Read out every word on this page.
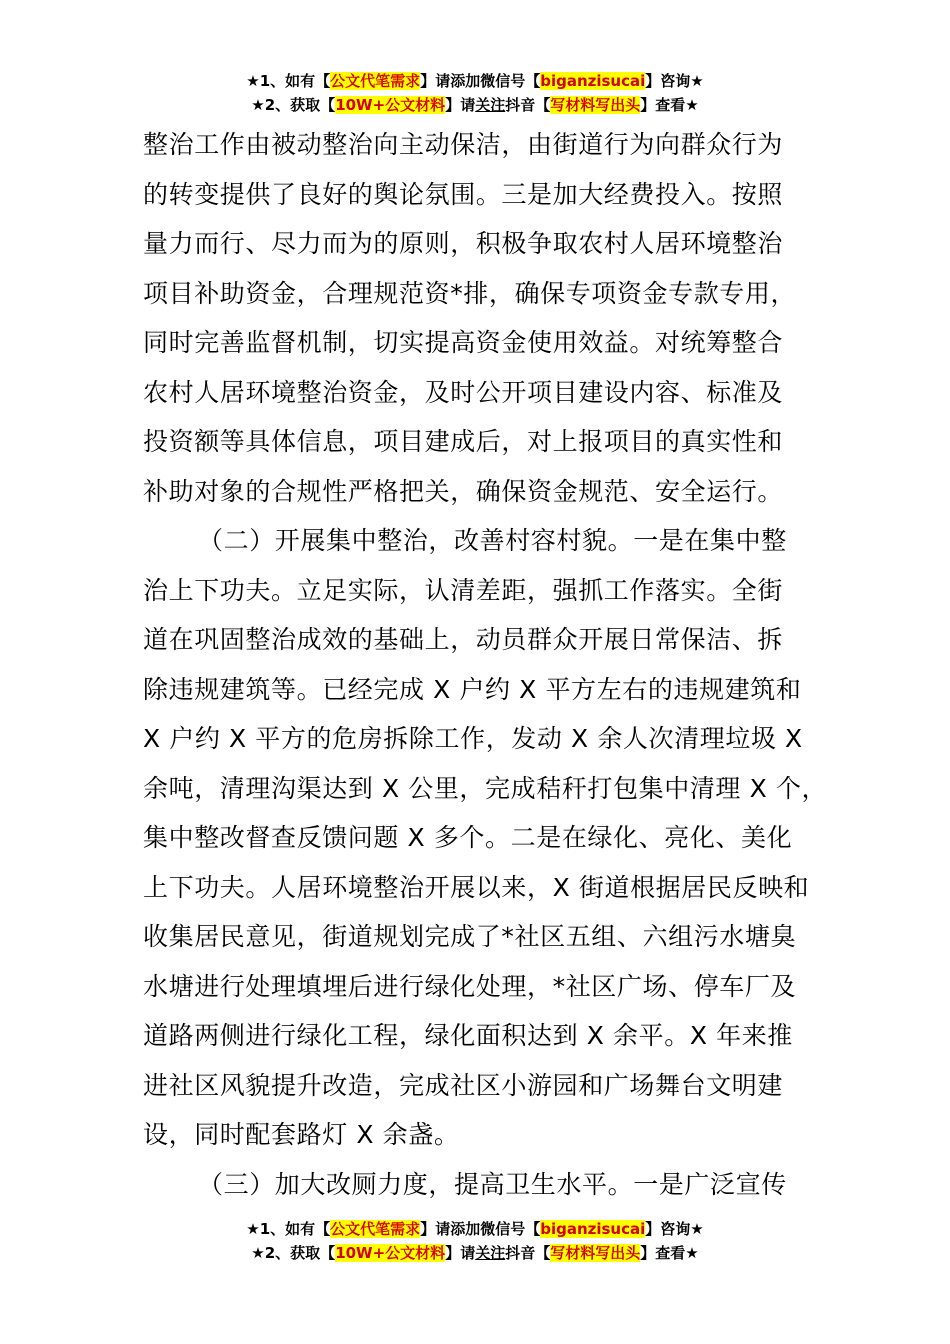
★1、如有【公文代笔需求】请添加微信号【biganzisucai】咨询★
★2、获取【10W+公文材料】请关注抖音【写材料写出头】查看★
整治工作由被动整治向主动保洁，由街道行为向群众行为
的转变提供了良好的舆论氛围。三是加大经费投入。按照
量力而行、尽力而为的原则，积极争取农村人居环境整治
项目补助资金，合理规范资*排，确保专项资金专款专用，
同时完善监督机制，切实提高资金使用效益。对统筹整合
农村人居环境整治资金，及时公开项目建设内容、标准及
投资额等具体信息，项目建成后，对上报项目的真实性和
补助对象的合规性严格把关，确保资金规范、安全运行。
（二）开展集中整治，改善村容村貌。一是在集中整
治上下功夫。立足实际，认清差距，强抓工作落实。全街
道在巩固整治成效的基础上，动员群众开展日常保洁、拆
除违规建筑等。已经完成 X 户约 X 平方左右的违规建筑和
X 户约 X 平方的危房拆除工作，发动 X 余人次清理垃圾 X
余吨，清理沟渠达到 X 公里，完成秸秆打包集中清理 X 个，
集中整改督查反馈问题 X 多个。二是在绿化、亮化、美化
上下功夫。人居环境整治开展以来，X 街道根据居民反映和
收集居民意见，街道规划完成了*社区五组、六组污水塘臭
水塘进行处理填埋后进行绿化处理，*社区广场、停车厂及
道路两侧进行绿化工程，绿化面积达到 X 余平。X 年来推
进社区风貌提升改造，完成社区小游园和广场舞台文明建
设，同时配套路灯 X 余盏。
（三）加大改厕力度，提高卫生水平。一是广泛宣传
★1、如有【公文代笔需求】请添加微信号【biganzisucai】咨询★
★2、获取【10W+公文材料】请关注抖音【写材料写出头】查看★
